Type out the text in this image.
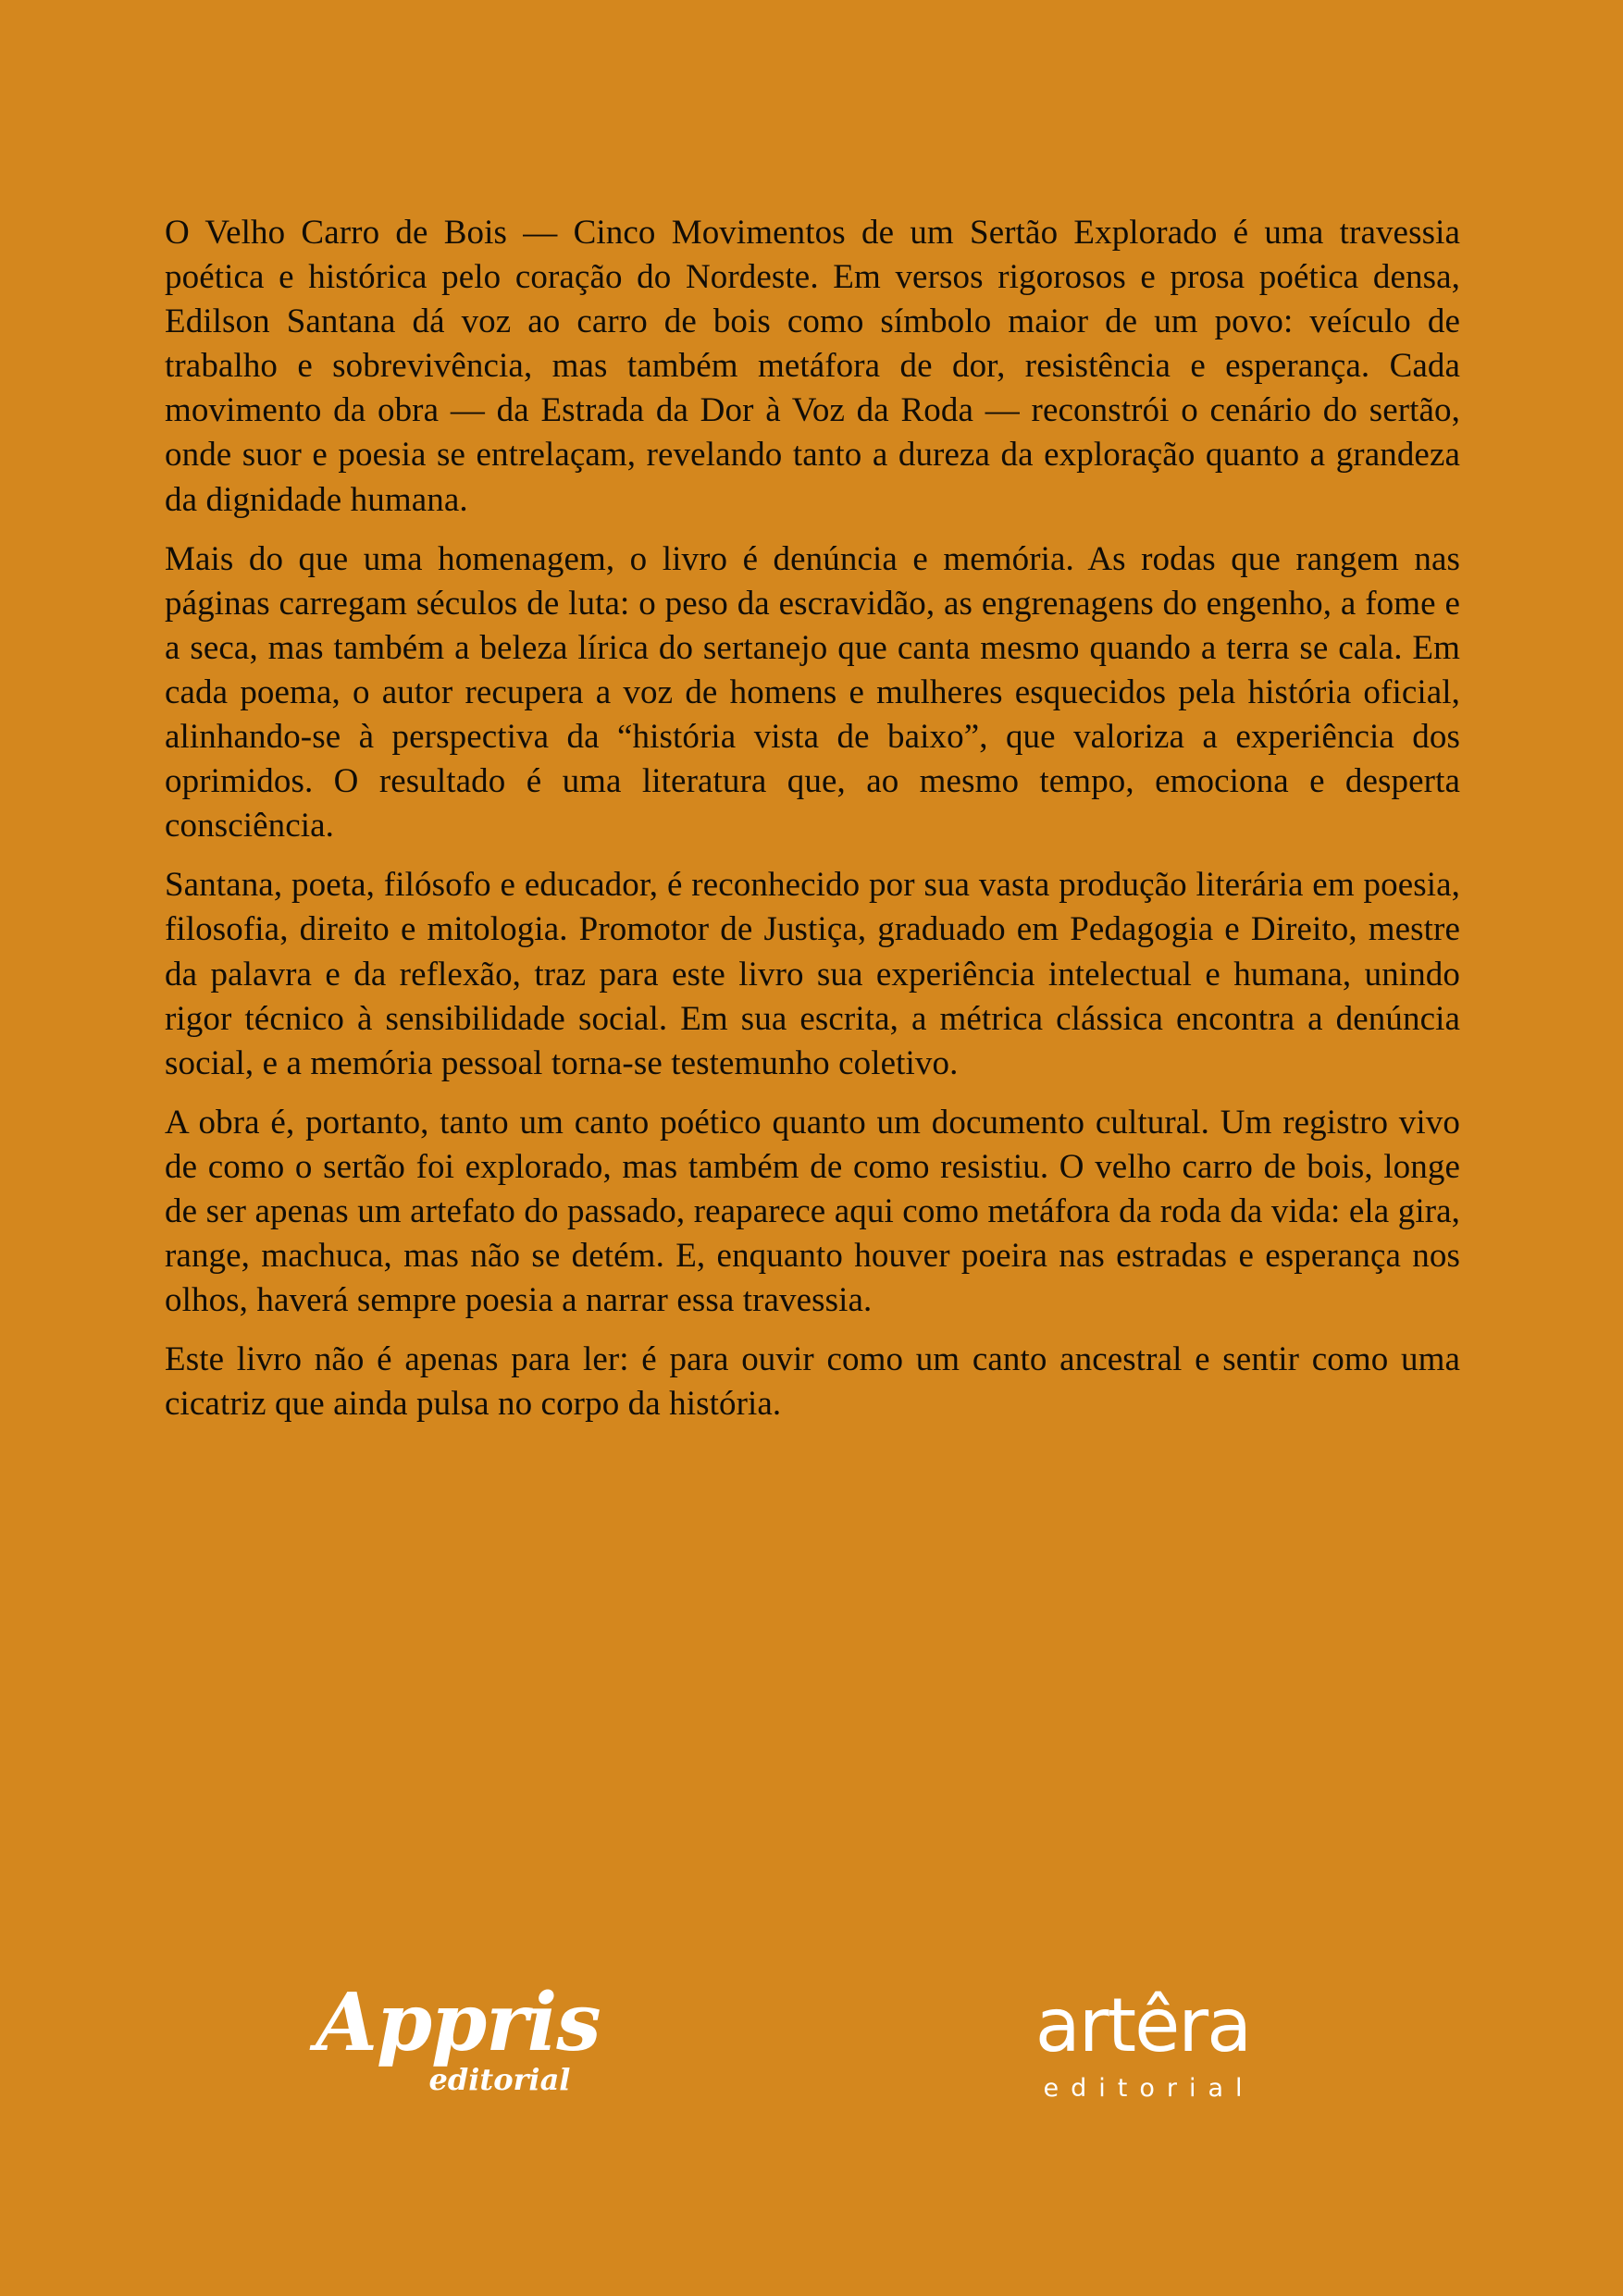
O Velho Carro de Bois — Cinco Movimentos de um Sertão Explorado é uma travessia poética e histórica pelo coração do Nordeste. Em versos rigorosos e prosa poética densa, Edilson Santana dá voz ao carro de bois como símbolo maior de um povo: veículo de trabalho e sobrevivência, mas também metáfora de dor, resistência e esperança. Cada movimento da obra — da Estrada da Dor à Voz da Roda — reconstrói o cenário do sertão, onde suor e poesia se entrelaçam, revelando tanto a dureza da exploração quanto a grandeza da dignidade humana.

Mais do que uma homenagem, o livro é denúncia e memória. As rodas que rangem nas páginas carregam séculos de luta: o peso da escravidão, as engrenagens do engenho, a fome e a seca, mas também a beleza lírica do sertanejo que canta mesmo quando a terra se cala. Em cada poema, o autor recupera a voz de homens e mulheres esquecidos pela história oficial, alinhando-se à perspectiva da “história vista de baixo”, que valoriza a experiência dos oprimidos. O resultado é uma literatura que, ao mesmo tempo, emociona e desperta consciência.

Santana, poeta, filósofo e educador, é reconhecido por sua vasta produção literária em poesia, filosofia, direito e mitologia. Promotor de Justiça, graduado em Pedagogia e Direito, mestre da palavra e da reflexão, traz para este livro sua experiência intelectual e humana, unindo rigor técnico à sensibilidade social. Em sua escrita, a métrica clássica encontra a denúncia social, e a memória pessoal torna-se testemunho coletivo.

A obra é, portanto, tanto um canto poético quanto um documento cultural. Um registro vivo de como o sertão foi explorado, mas também de como resistiu. O velho carro de bois, longe de ser apenas um artefato do passado, reaparece aqui como metáfora da roda da vida: ela gira, range, machuca, mas não se detém. E, enquanto houver poeira nas estradas e esperança nos olhos, haverá sempre poesia a narrar essa travessia.

Este livro não é apenas para ler: é para ouvir como um canto ancestral e sentir como uma cicatriz que ainda pulsa no corpo da história.

Appris
editorial
artêra
editorial
